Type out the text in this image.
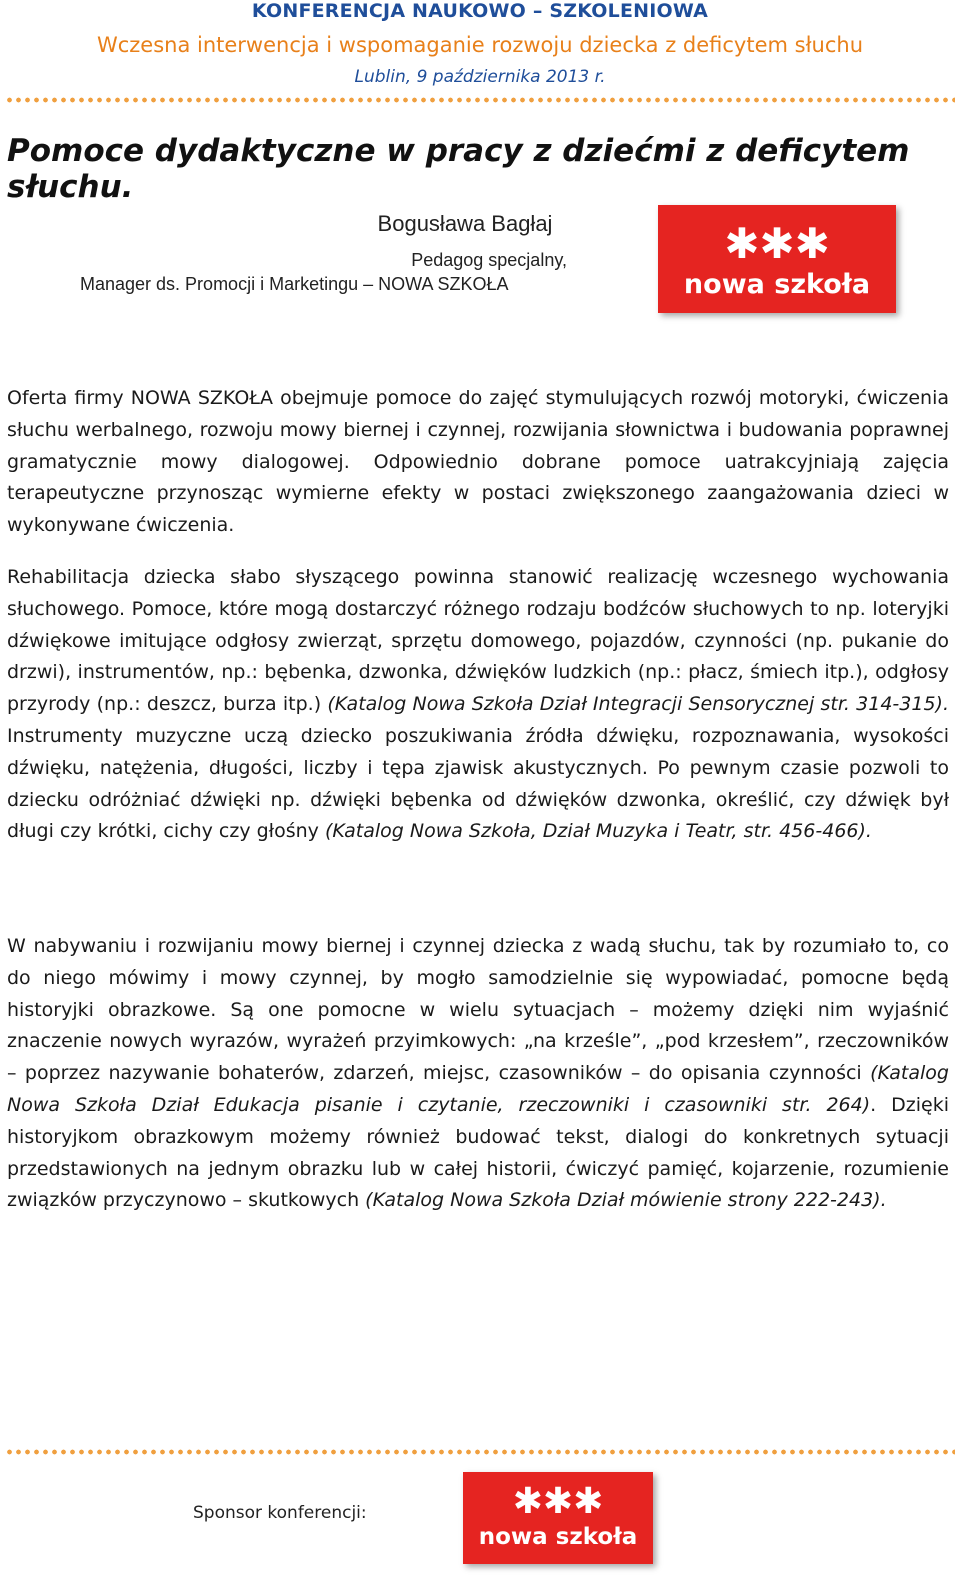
KONFERENCJA NAUKOWO – SZKOLENIOWA
Wczesna interwencja i wspomaganie rozwoju dziecka z deficytem słuchu
Lublin, 9 października 2013 r.
Pomoce dydaktyczne w pracy z dziećmi z deficytem słuchu.
Bogusława Bagłaj
Pedagog specjalny,
Manager ds. Promocji i Marketingu – NOWA SZKOŁA
✱✱✱
nowa szkoła

Oferta firmy NOWA SZKOŁA obejmuje pomoce do zajęć stymulujących rozwój motoryki, ćwiczenia słuchu werbalnego, rozwoju mowy biernej i czynnej, rozwijania słownictwa i budowania poprawnej gramatycznie mowy dialogowej. Odpowiednio dobrane pomoce uatrakcyjniają zajęcia terapeutyczne przynosząc wymierne efekty w postaci zwiększonego zaangażowania dzieci w wykonywane ćwiczenia.

Rehabilitacja dziecka słabo słyszącego powinna stanowić realizację wczesnego wychowania słuchowego. Pomoce, które mogą dostarczyć różnego rodzaju bodźców słuchowych to np. loteryjki dźwiękowe imitujące odgłosy zwierząt, sprzętu domowego, pojazdów, czynności (np. pukanie do drzwi), instrumentów, np.: bębenka, dzwonka, dźwięków ludzkich (np.: płacz, śmiech itp.), odgłosy przyrody (np.: deszcz, burza itp.) (Katalog Nowa Szkoła Dział Integracji Sensorycznej str. 314-315). Instrumenty muzyczne uczą dziecko poszukiwania źródła dźwięku, rozpoznawania, wysokości dźwięku, natężenia, długości, liczby i tępa zjawisk akustycznych. Po pewnym czasie pozwoli to dziecku odróżniać dźwięki np. dźwięki bębenka od dźwięków dzwonka, określić, czy dźwięk był długi czy krótki, cichy czy głośny (Katalog Nowa Szkoła, Dział Muzyka i Teatr, str. 456-466).

W nabywaniu i rozwijaniu mowy biernej i czynnej dziecka z wadą słuchu, tak by rozumiało to, co do niego mówimy i mowy czynnej, by mogło samodzielnie się wypowiadać, pomocne będą historyjki obrazkowe. Są one pomocne w wielu sytuacjach – możemy dzięki nim wyjaśnić znaczenie nowych wyrazów, wyrażeń przyimkowych: „na krześle”, „pod krzesłem”, rzeczowników – poprzez nazywanie bohaterów, zdarzeń, miejsc, czasowników – do opisania czynności (Katalog Nowa Szkoła Dział Edukacja pisanie i czytanie, rzeczowniki i czasowniki str. 264). Dzięki historyjkom obrazkowym możemy również budować tekst, dialogi do konkretnych sytuacji przedstawionych na jednym obrazku lub w całej historii, ćwiczyć pamięć, kojarzenie, rozumienie związków przyczynowo – skutkowych (Katalog Nowa Szkoła Dział mówienie strony 222-243).

Sponsor konferencji:	✱✱✱
nowa szkoła
